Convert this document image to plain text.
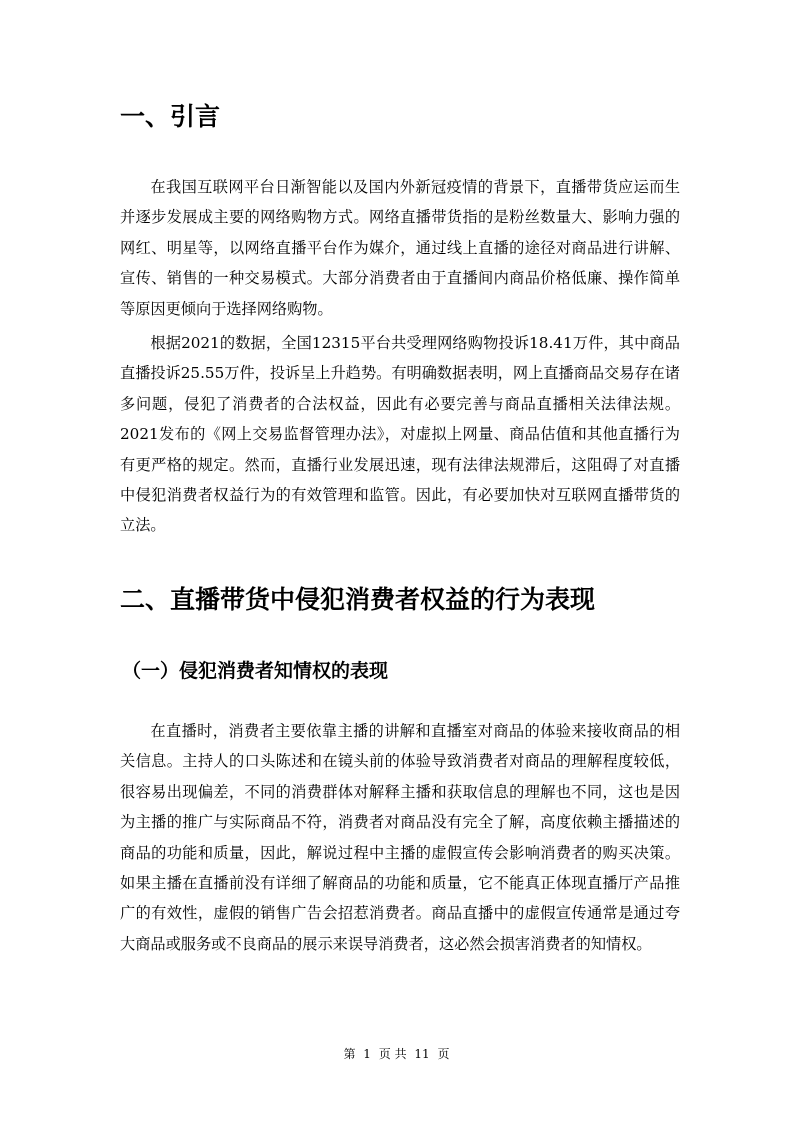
一、引言

在我国互联网平台日渐智能以及国内外新冠疫情的背景下，直播带货应运而生并逐步发展成主要的网络购物方式。网络直播带货指的是粉丝数量大、影响力强的网红、明星等，以网络直播平台作为媒介，通过线上直播的途径对商品进行讲解、宣传、销售的一种交易模式。大部分消费者由于直播间内商品价格低廉、操作简单等原因更倾向于选择网络购物。

根据2021的数据，全国12315平台共受理网络购物投诉18.41万件，其中商品直播投诉25.55万件，投诉呈上升趋势。有明确数据表明，网上直播商品交易存在诸多问题，侵犯了消费者的合法权益，因此有必要完善与商品直播相关法律法规。2021发布的《网上交易监督管理办法》，对虚拟上网量、商品估值和其他直播行为有更严格的规定。然而，直播行业发展迅速，现有法律法规滞后，这阻碍了对直播中侵犯消费者权益行为的有效管理和监管。因此，有必要加快对互联网直播带货的立法。

二、直播带货中侵犯消费者权益的行为表现
（一）侵犯消费者知情权的表现

在直播时，消费者主要依靠主播的讲解和直播室对商品的体验来接收商品的相关信息。主持人的口头陈述和在镜头前的体验导致消费者对商品的理解程度较低，很容易出现偏差，不同的消费群体对解释主播和获取信息的理解也不同，这也是因为主播的推广与实际商品不符，消费者对商品没有完全了解，高度依赖主播描述的商品的功能和质量，因此，解说过程中主播的虚假宣传会影响消费者的购买决策。如果主播在直播前没有详细了解商品的功能和质量，它不能真正体现直播厅产品推广的有效性，虚假的销售广告会招惹消费者。商品直播中的虚假宣传通常是通过夸大商品或服务或不良商品的展示来误导消费者，这必然会损害消费者的知情权。

第 1 页 共 11 页
